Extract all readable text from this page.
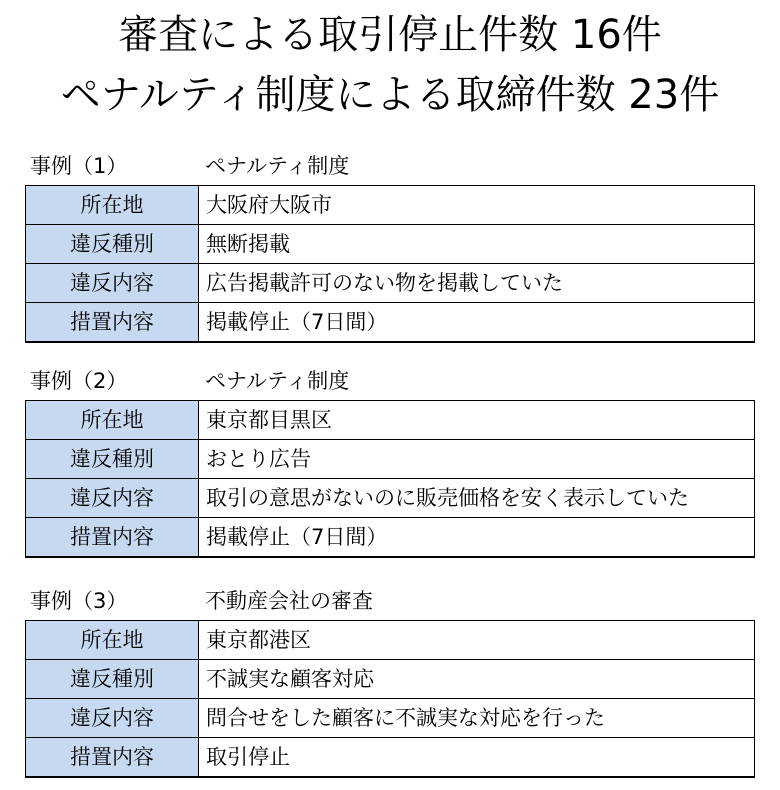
審査による取引停止件数 16件
ペナルティ制度による取締件数 23件
事例（1）	ペナルティ制度
所在地	大阪府大阪市
違反種別	無断掲載
違反内容	広告掲載許可のない物を掲載していた
措置内容	掲載停止（7日間）
事例（2）	ペナルティ制度
所在地	東京都目黒区
違反種別	おとり広告
違反内容	取引の意思がないのに販売価格を安く表示していた
措置内容	掲載停止（7日間）
事例（3）	不動産会社の審査
所在地	東京都港区
違反種別	不誠実な顧客対応
違反内容	問合せをした顧客に不誠実な対応を行った
措置内容	取引停止
